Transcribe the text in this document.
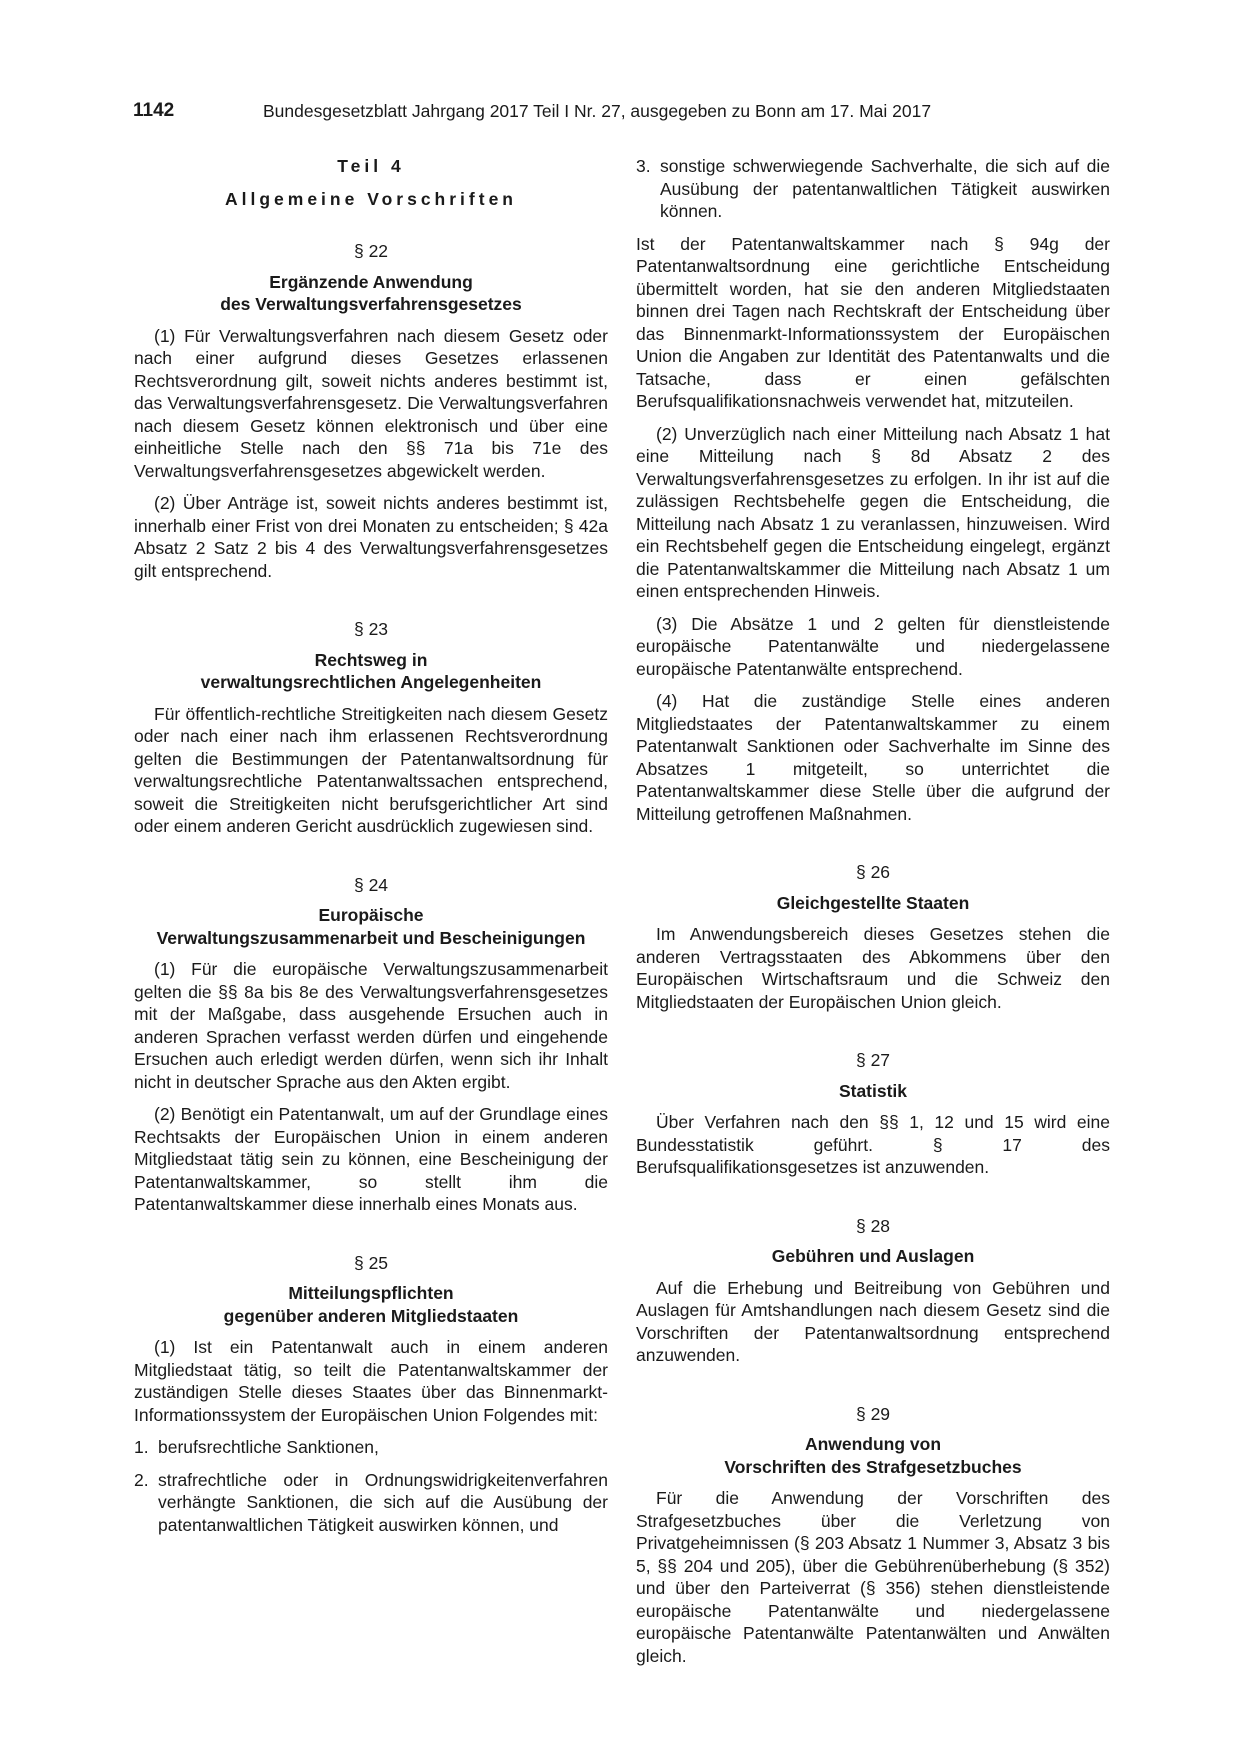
1142	Bundesgesetzblatt Jahrgang 2017 Teil I Nr. 27, ausgegeben zu Bonn am 17. Mai 2017
Teil 4
Allgemeine Vorschriften
§ 22
Ergänzende Anwendung
des Verwaltungsverfahrensgesetzes

(1) Für Verwaltungsverfahren nach diesem Gesetz oder nach einer aufgrund dieses Gesetzes erlassenen Rechtsverordnung gilt, soweit nichts anderes bestimmt ist, das Verwaltungsverfahrensgesetz. Die Verwaltungsverfahren nach diesem Gesetz können elektronisch und über eine einheitliche Stelle nach den §§ 71a bis 71e des Verwaltungsverfahrensgesetzes abgewickelt werden.

(2) Über Anträge ist, soweit nichts anderes bestimmt ist, innerhalb einer Frist von drei Monaten zu entscheiden; § 42a Absatz 2 Satz 2 bis 4 des Verwaltungsverfahrensgesetzes gilt entsprechend.

§ 23
Rechtsweg in
verwaltungsrechtlichen Angelegenheiten

Für öffentlich-rechtliche Streitigkeiten nach diesem Gesetz oder nach einer nach ihm erlassenen Rechtsverordnung gelten die Bestimmungen der Patentanwaltsordnung für verwaltungsrechtliche Patentanwaltssachen entsprechend, soweit die Streitigkeiten nicht berufsgerichtlicher Art sind oder einem anderen Gericht ausdrücklich zugewiesen sind.

§ 24
Europäische
Verwaltungszusammenarbeit und Bescheinigungen

(1) Für die europäische Verwaltungszusammenarbeit gelten die §§ 8a bis 8e des Verwaltungsverfahrensgesetzes mit der Maßgabe, dass ausgehende Ersuchen auch in anderen Sprachen verfasst werden dürfen und eingehende Ersuchen auch erledigt werden dürfen, wenn sich ihr Inhalt nicht in deutscher Sprache aus den Akten ergibt.

(2) Benötigt ein Patentanwalt, um auf der Grundlage eines Rechtsakts der Europäischen Union in einem anderen Mitgliedstaat tätig sein zu können, eine Bescheinigung der Patentanwaltskammer, so stellt ihm die Patentanwaltskammer diese innerhalb eines Monats aus.

§ 25
Mitteilungspflichten
gegenüber anderen Mitgliedstaaten

(1) Ist ein Patentanwalt auch in einem anderen Mitgliedstaat tätig, so teilt die Patentanwaltskammer der zuständigen Stelle dieses Staates über das Binnenmarkt-Informationssystem der Europäischen Union Folgendes mit:

1. berufsrechtliche Sanktionen,
2. strafrechtliche oder in Ordnungswidrigkeitenverfahren verhängte Sanktionen, die sich auf die Ausübung der patentanwaltlichen Tätigkeit auswirken können, und
3. sonstige schwerwiegende Sachverhalte, die sich auf die Ausübung der patentanwaltlichen Tätigkeit auswirken können.

Ist der Patentanwaltskammer nach § 94g der Patentanwaltsordnung eine gerichtliche Entscheidung übermittelt worden, hat sie den anderen Mitgliedstaaten binnen drei Tagen nach Rechtskraft der Entscheidung über das Binnenmarkt-Informationssystem der Europäischen Union die Angaben zur Identität des Patentanwalts und die Tatsache, dass er einen gefälschten Berufsqualifikationsnachweis verwendet hat, mitzuteilen.

(2) Unverzüglich nach einer Mitteilung nach Absatz 1 hat eine Mitteilung nach § 8d Absatz 2 des Verwaltungsverfahrensgesetzes zu erfolgen. In ihr ist auf die zulässigen Rechtsbehelfe gegen die Entscheidung, die Mitteilung nach Absatz 1 zu veranlassen, hinzuweisen. Wird ein Rechtsbehelf gegen die Entscheidung eingelegt, ergänzt die Patentanwaltskammer die Mitteilung nach Absatz 1 um einen entsprechenden Hinweis.

(3) Die Absätze 1 und 2 gelten für dienstleistende europäische Patentanwälte und niedergelassene europäische Patentanwälte entsprechend.

(4) Hat die zuständige Stelle eines anderen Mitgliedstaates der Patentanwaltskammer zu einem Patentanwalt Sanktionen oder Sachverhalte im Sinne des Absatzes 1 mitgeteilt, so unterrichtet die Patentanwaltskammer diese Stelle über die aufgrund der Mitteilung getroffenen Maßnahmen.

§ 26
Gleichgestellte Staaten

Im Anwendungsbereich dieses Gesetzes stehen die anderen Vertragsstaaten des Abkommens über den Europäischen Wirtschaftsraum und die Schweiz den Mitgliedstaaten der Europäischen Union gleich.

§ 27
Statistik

Über Verfahren nach den §§ 1, 12 und 15 wird eine Bundesstatistik geführt. § 17 des Berufsqualifikationsgesetzes ist anzuwenden.

§ 28
Gebühren und Auslagen

Auf die Erhebung und Beitreibung von Gebühren und Auslagen für Amtshandlungen nach diesem Gesetz sind die Vorschriften der Patentanwaltsordnung entsprechend anzuwenden.

§ 29
Anwendung von
Vorschriften des Strafgesetzbuches

Für die Anwendung der Vorschriften des Strafgesetzbuches über die Verletzung von Privatgeheimnissen (§ 203 Absatz 1 Nummer 3, Absatz 3 bis 5, §§ 204 und 205), über die Gebührenüberhebung (§ 352) und über den Parteiverrat (§ 356) stehen dienstleistende europäische Patentanwälte und niedergelassene europäische Patentanwälte Patentanwälten und Anwälten gleich.
